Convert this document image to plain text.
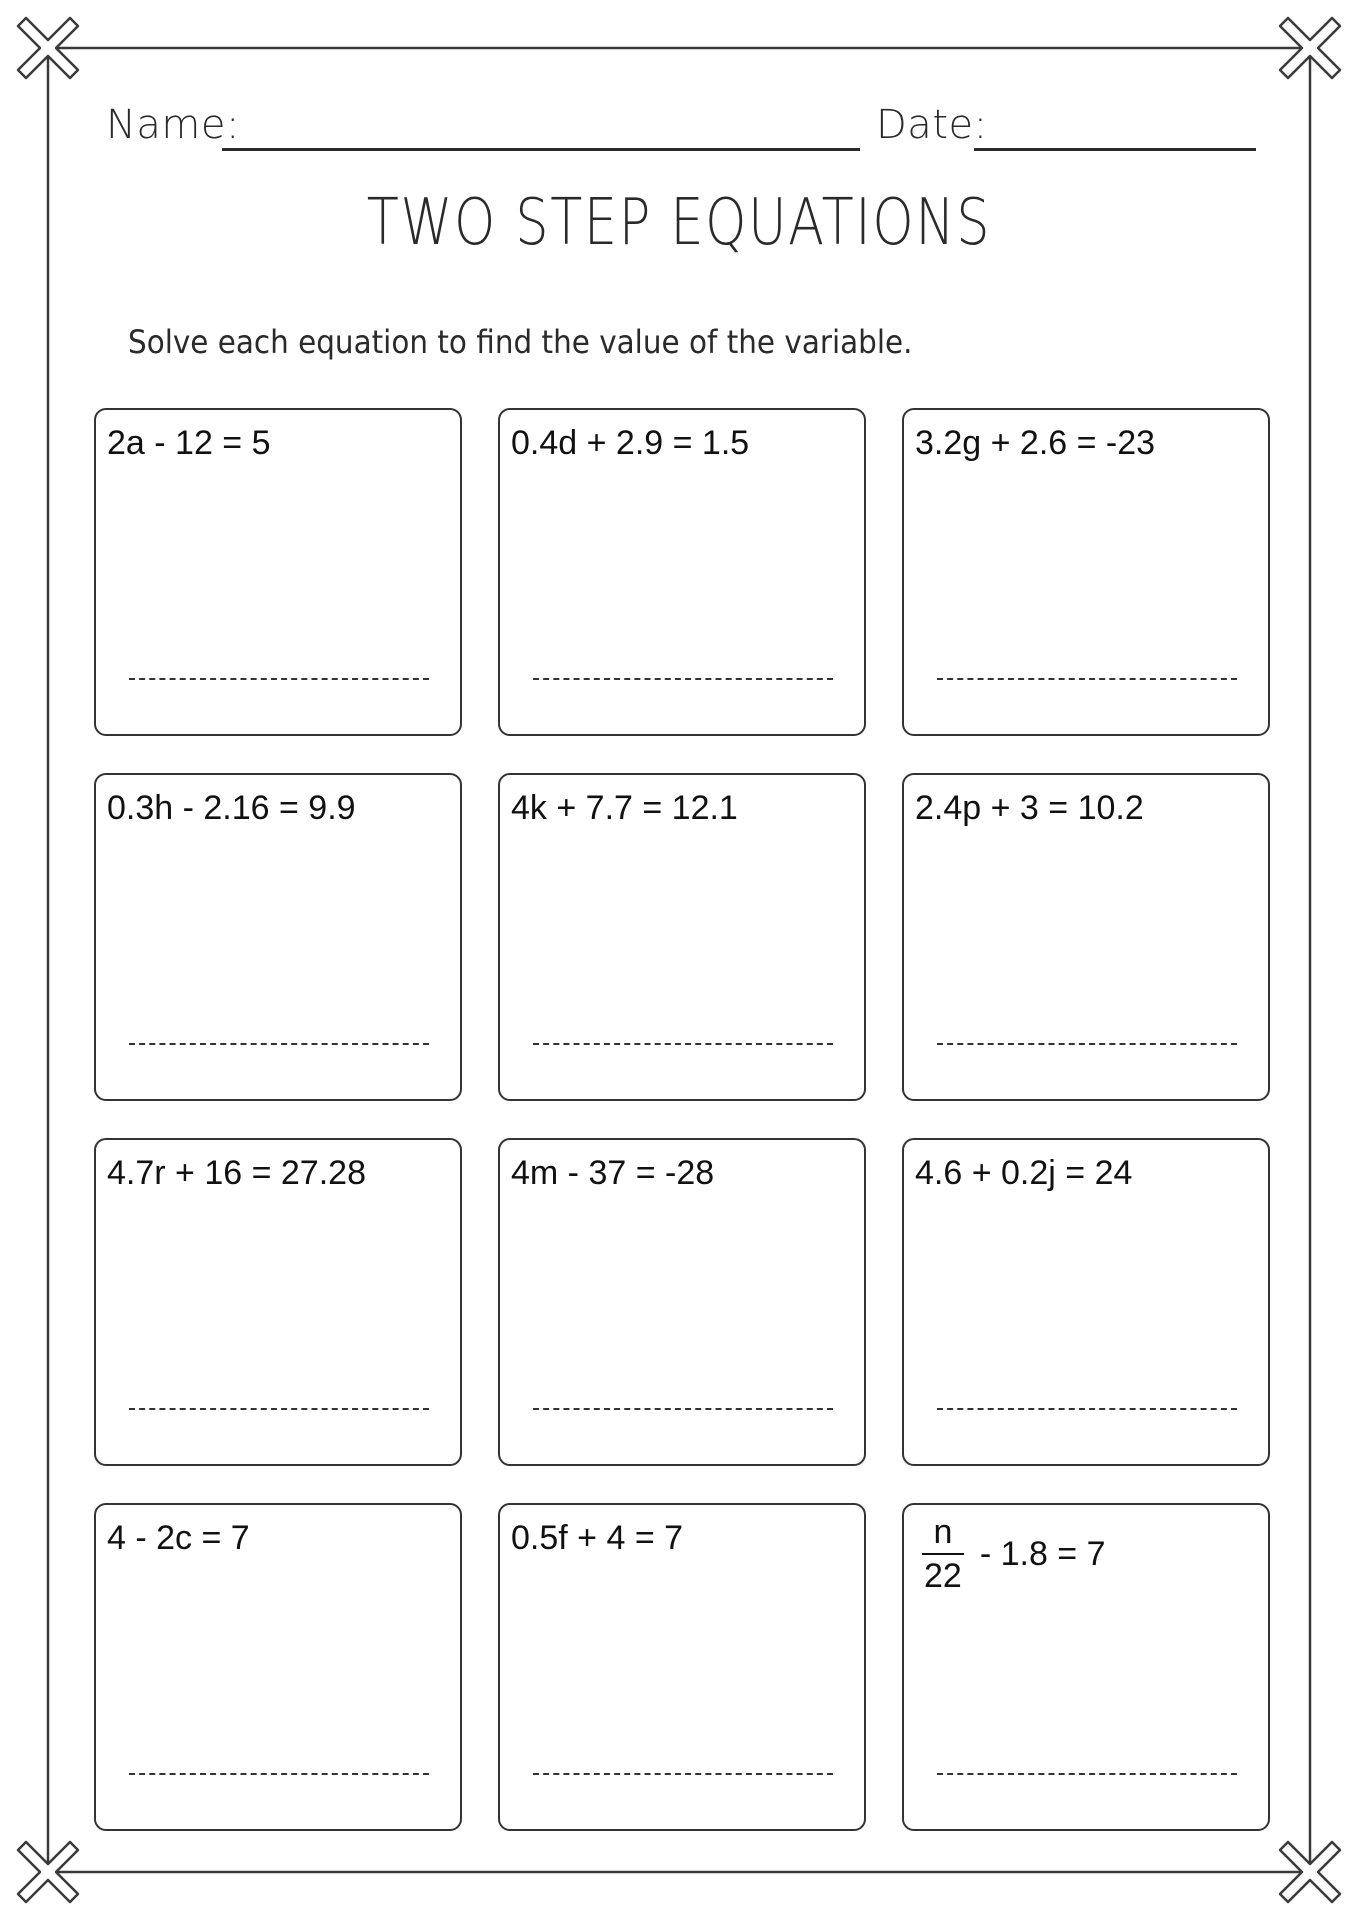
Name:	Date:
TWO STEP EQUATIONS
Solve each equation to find the value of the variable.
2a - 12 = 5	0.4d + 2.9 = 1.5	3.2g + 2.6 = -23
0.3h - 2.16 = 9.9	4k + 7.7 = 12.1	2.4p + 3 = 10.2
4.7r + 16 = 27.28	4m - 37 = -28	4.6 + 0.2j = 24
4 - 2c = 7	0.5f + 4 = 7	$\frac{n}{22} - 1.8 = 7$
